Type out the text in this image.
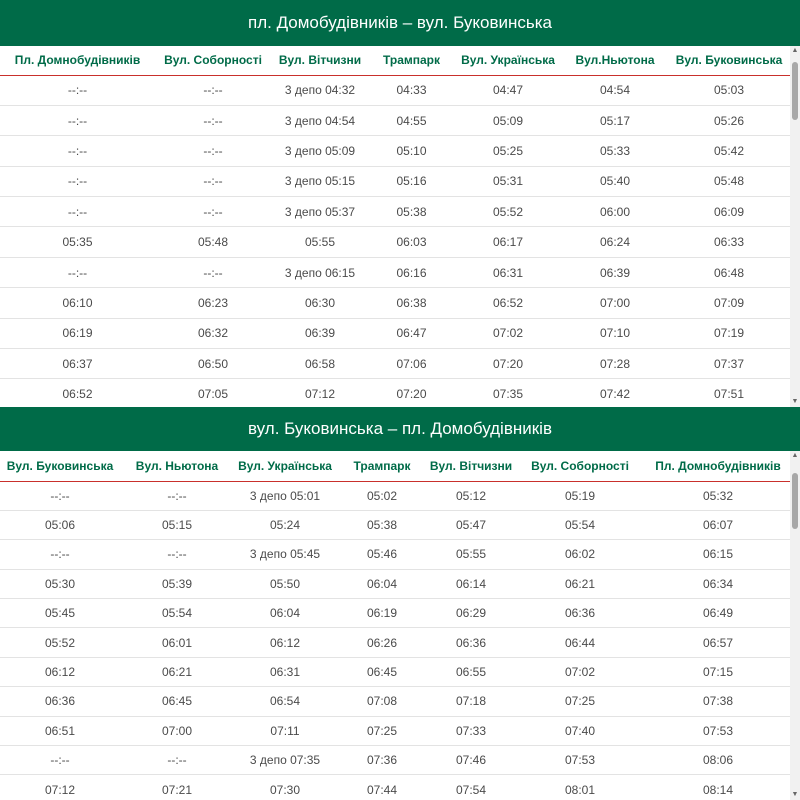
пл. Домобудівників – вул. Буковинська
Пл. Домнобудівників	Вул. Соборності	Вул. Вітчизни	Трампарк	Вул. Українська	Вул.Ньютона	Вул. Буковинська
--:--	--:--	3 депо 04:32	04:33	04:47	04:54	05:03
--:--	--:--	3 депо 04:54	04:55	05:09	05:17	05:26
--:--	--:--	3 депо 05:09	05:10	05:25	05:33	05:42
--:--	--:--	3 депо 05:15	05:16	05:31	05:40	05:48
--:--	--:--	3 депо 05:37	05:38	05:52	06:00	06:09
05:35	05:48	05:55	06:03	06:17	06:24	06:33
--:--	--:--	3 депо 06:15	06:16	06:31	06:39	06:48
06:10	06:23	06:30	06:38	06:52	07:00	07:09
06:19	06:32	06:39	06:47	07:02	07:10	07:19
06:37	06:50	06:58	07:06	07:20	07:28	07:37
06:52	07:05	07:12	07:20	07:35	07:42	07:51
▲
▼
вул. Буковинська – пл. Домобудівників
Вул. Буковинська	Вул. Ньютона	Вул. Українська	Трампарк	Вул. Вітчизни	Вул. Соборності	Пл. Домнобудівників
--:--	--:--	3 депо 05:01	05:02	05:12	05:19	05:32
05:06	05:15	05:24	05:38	05:47	05:54	06:07
--:--	--:--	3 депо 05:45	05:46	05:55	06:02	06:15
05:30	05:39	05:50	06:04	06:14	06:21	06:34
05:45	05:54	06:04	06:19	06:29	06:36	06:49
05:52	06:01	06:12	06:26	06:36	06:44	06:57
06:12	06:21	06:31	06:45	06:55	07:02	07:15
06:36	06:45	06:54	07:08	07:18	07:25	07:38
06:51	07:00	07:11	07:25	07:33	07:40	07:53
--:--	--:--	3 депо 07:35	07:36	07:46	07:53	08:06
07:12	07:21	07:30	07:44	07:54	08:01	08:14
▲
▼
